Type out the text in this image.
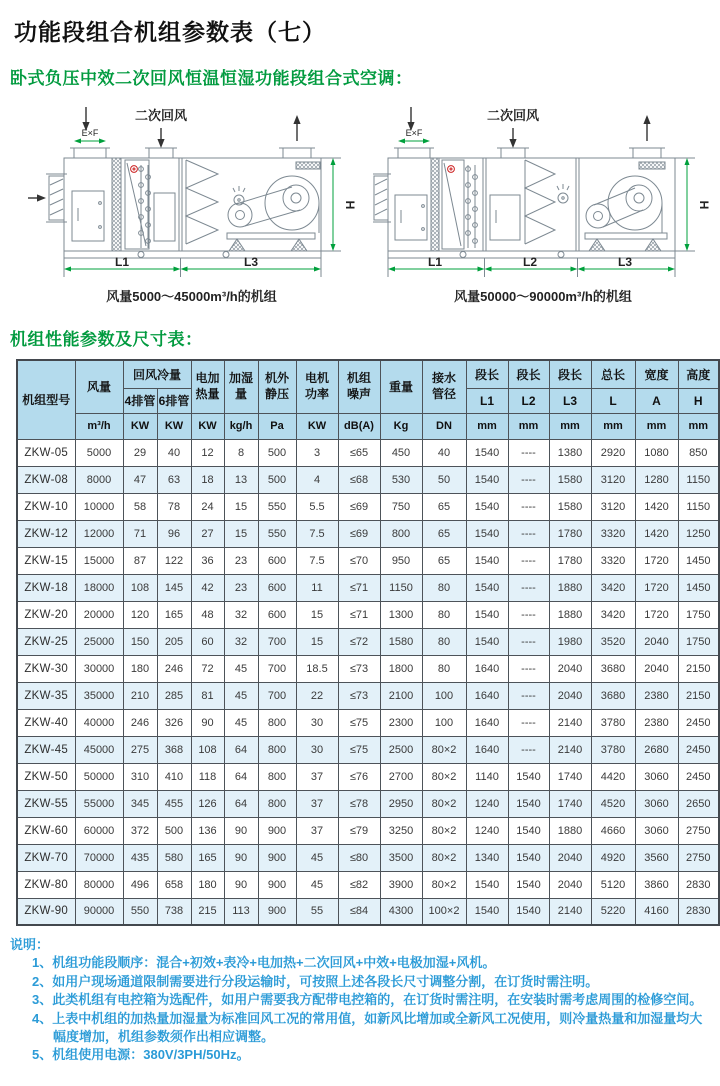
功能段组合机组参数表（七）
卧式负压中效二次回风恒温恒湿功能段组合式空调：
E×F
二次回风
H
L1	L3
风量5000～45000m³/h的机组
E×F
二次回风
H
L1	L2	L3
风量50000～90000m³/h的机组
机组性能参数及尺寸表：
机组型号	风量	回风冷量		电加热量	加湿量	机外静压	电机功率	机组噪声	重量	接水管径	段长	段长	段长	总长	宽度	高度
		4排管	6排管								L1	L2	L3	L	A	H
	m³/h	KW	KW	KW	kg/h	Pa	KW	dB(A)	Kg	DN	mm	mm	mm	mm	mm	mm
ZKW-05	5000	29	40	12	8	500	3	≤65	450	40	1540	----	1380	2920	1080	850
ZKW-08	8000	47	63	18	13	500	4	≤68	530	50	1540	----	1580	3120	1280	1150
ZKW-10	10000	58	78	24	15	550	5.5	≤69	750	65	1540	----	1580	3120	1420	1150
ZKW-12	12000	71	96	27	15	550	7.5	≤69	800	65	1540	----	1780	3320	1420	1250
ZKW-15	15000	87	122	36	23	600	7.5	≤70	950	65	1540	----	1780	3320	1720	1450
ZKW-18	18000	108	145	42	23	600	11	≤71	1150	80	1540	----	1880	3420	1720	1450
ZKW-20	20000	120	165	48	32	600	15	≤71	1300	80	1540	----	1880	3420	1720	1750
ZKW-25	25000	150	205	60	32	700	15	≤72	1580	80	1540	----	1980	3520	2040	1750
ZKW-30	30000	180	246	72	45	700	18.5	≤73	1800	80	1640	----	2040	3680	2040	2150
ZKW-35	35000	210	285	81	45	700	22	≤73	2100	100	1640	----	2040	3680	2380	2150
ZKW-40	40000	246	326	90	45	800	30	≤75	2300	100	1640	----	2140	3780	2380	2450
ZKW-45	45000	275	368	108	64	800	30	≤75	2500	80×2	1640	----	2140	3780	2680	2450
ZKW-50	50000	310	410	118	64	800	37	≤76	2700	80×2	1140	1540	1740	4420	3060	2450
ZKW-55	55000	345	455	126	64	800	37	≤78	2950	80×2	1240	1540	1740	4520	3060	2650
ZKW-60	60000	372	500	136	90	900	37	≤79	3250	80×2	1240	1540	1880	4660	3060	2750
ZKW-70	70000	435	580	165	90	900	45	≤80	3500	80×2	1340	1540	2040	4920	3560	2750
ZKW-80	80000	496	658	180	90	900	45	≤82	3900	80×2	1540	1540	2040	5120	3860	2830
ZKW-90	90000	550	738	215	113	900	55	≤84	4300	100×2	1540	1540	2140	5220	4160	2830
说明：
1、机组功能段顺序：混合+初效+表冷+电加热+二次回风+中效+电极加湿+风机。
2、如用户现场通道限制需要进行分段运输时，可按照上述各段长尺寸调整分割，在订货时需注明。
3、此类机组有电控箱为选配件，如用户需要我方配带电控箱的，在订货时需注明，在安装时需考虑周围的检修空间。
4、上表中机组的加热量加湿量为标准回风工况的常用值，如新风比增加或全新风工况使用，则冷量热量和加湿量均大幅度增加，机组参数须作出相应调整。
5、机组使用电源：380V/3PH/50Hz。
